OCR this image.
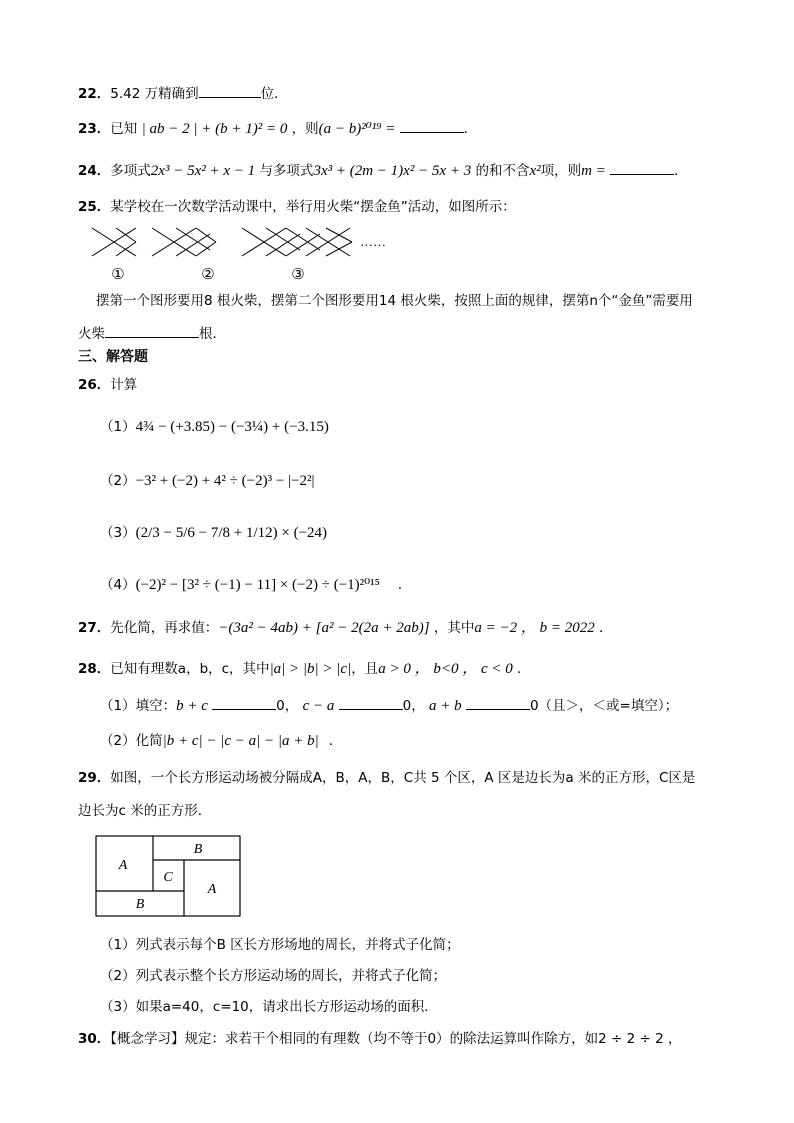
22．5.42 万精确到	位．
23．已知 | ab − 2 | + (b + 1)² = 0 ，则(a − b)²⁰¹⁹ =	．
24．多项式2x³ − 5x² + x − 1 与多项式3x³ + (2m − 1)x² − 5x + 3 的和不含x²项，则m =	．
25．某学校在一次数学活动课中，举行用火柴“摆金鱼”活动，如图所示：
①	②	③
……
摆第一个图形要用8 根火柴，摆第二个图形要用14 根火柴，按照上面的规律，摆第n个“金鱼”需要用
火柴	根．
三、解答题
26．计算
（1）4¾ − (+3.85) − (−3¼) + (−3.15)
（2）−3² + (−2) + 4² ÷ (−2)³ − |−2²|
（3）(2/3 − 5/6 − 7/8 + 1/12) × (−24)
（4）(−2)² − [3² ÷ (−1) − 11] × (−2) ÷ (−1)²⁰¹⁵ ．
27．先化简，再求值：−(3a² − 4ab) + [a² − 2(2a + 2ab)] ，其中a = −2 ， b = 2022 ．
28．已知有理数a，b，c，其中|a| > |b| > |c|，且a > 0 ， b<0 ， c < 0 ．
（1）填空：b + c	0， c − a	0， a + b	0（且＞，＜或=填空）；
（2）化简|b + c| − |c − a| − |a + b| ．
29．如图，一个长方形运动场被分隔成A，B，A，B，C共 5 个区，A 区是边长为a 米的正方形，C区是
边长为c 米的正方形．
A
B
C
A
B
（1）列式表示每个B 区长方形场地的周长，并将式子化简；
（2）列式表示整个长方形运动场的周长，并将式子化简；
（3）如果a=40，c=10，请求出长方形运动场的面积．
30．【概念学习】规定：求若干个相同的有理数（均不等于0）的除法运算叫作除方，如2 ÷ 2 ÷ 2 ，
